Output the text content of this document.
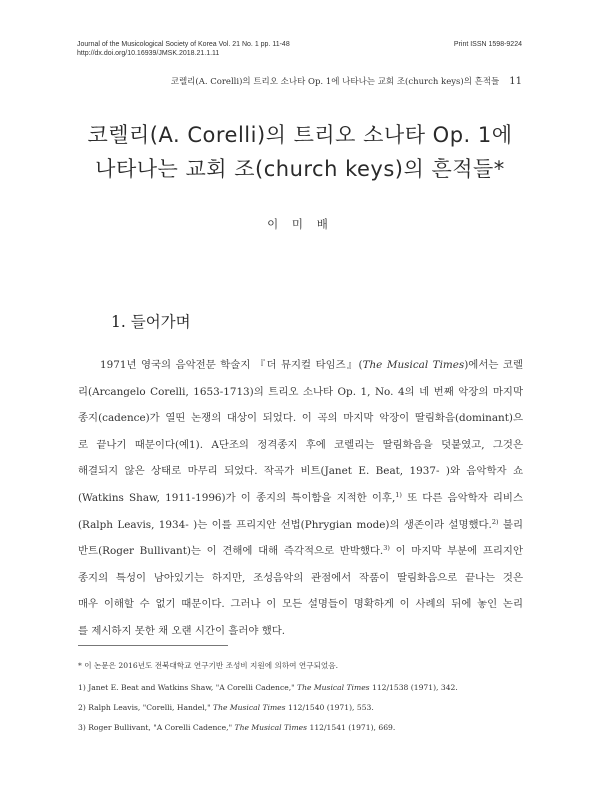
Journal of the Musicological Society of Korea Vol. 21 No. 1 pp. 11-48
http://dx.doi.org/10.16939/JMSK.2018.21.1.11
Print ISSN 1598-9224
코렐리(A. Corelli)의 트리오 소나타 Op. 1에 나타나는 교회 조(church keys)의 흔적들 11
코렐리(A. Corelli)의 트리오 소나타 Op. 1에
나타나는 교회 조(church keys)의 흔적들*
이 미 배
1. 들어가며
1971년 영국의 음악전문 학술지 『더 뮤지컬 타임즈』(The Musical Times)에서는 코렐
리(Arcangelo Corelli, 1653-1713)의 트리오 소나타 Op. 1, No. 4의 네 번째 악장의 마지막
종지(cadence)가 열띤 논쟁의 대상이 되었다. 이 곡의 마지막 악장이 딸림화음(dominant)으
로 끝나기 때문이다(예1). A단조의 정격종지 후에 코렐리는 딸림화음을 덧붙였고, 그것은
해결되지 않은 상태로 마무리 되었다. 작곡가 비트(Janet E. Beat, 1937- )와 음악학자 쇼
(Watkins Shaw, 1911-1996)가 이 종지의 특이함을 지적한 이후,$^{1)}$ 또 다른 음악학자 리비스
(Ralph Leavis, 1934- )는 이를 프리지안 선법(Phrygian mode)의 생존이라 설명했다.$^{2)}$ 불리
반트(Roger Bullivant)는 이 견해에 대해 즉각적으로 반박했다.$^{3)}$ 이 마지막 부분에 프리지안
종지의 특성이 남아있기는 하지만, 조성음악의 관점에서 작품이 딸림화음으로 끝나는 것은
매우 이해할 수 없기 때문이다. 그러나 이 모든 설명들이 명확하게 이 사례의 뒤에 놓인 논리
를 제시하지 못한 채 오랜 시간이 흘러야 했다.
* 이 논문은 2016년도 전북대학교 연구기반 조성비 지원에 의하여 연구되었음.
1) Janet E. Beat and Watkins Shaw, "A Corelli Cadence," The Musical Times 112/1538 (1971), 342.
2) Ralph Leavis, "Corelli, Handel," The Musical Times 112/1540 (1971), 553.
3) Roger Bullivant, "A Corelli Cadence," The Musical Times 112/1541 (1971), 669.
